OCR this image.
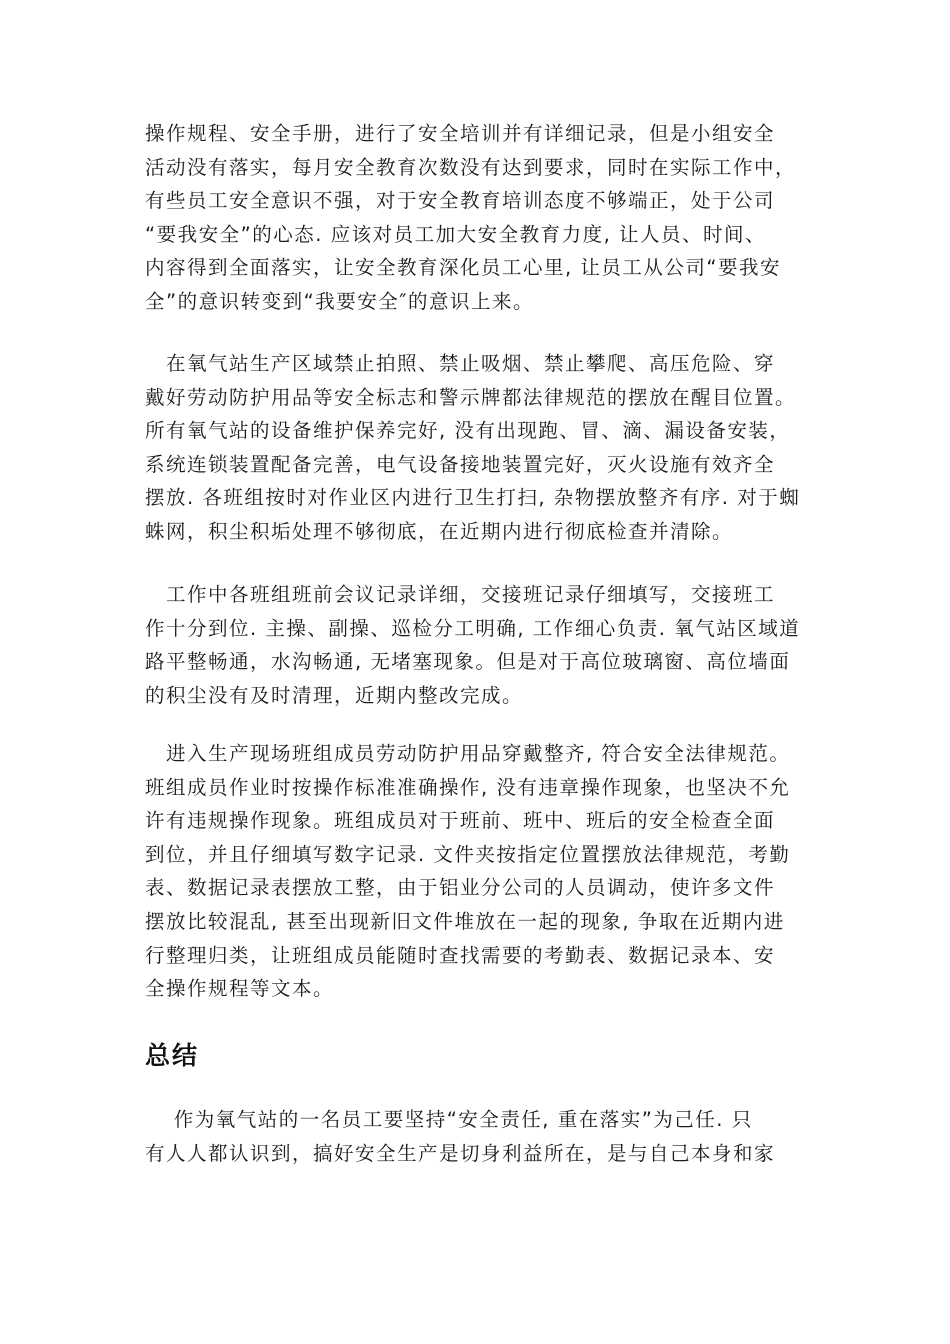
操作规程、安全手册，进行了安全培训并有详细记录，但是小组安全
活动没有落实，每月安全教育次数没有达到要求，同时在实际工作中，
有些员工安全意识不强，对于安全教育培训态度不够端正，处于公司
“要我安全”的心态. 应该对员工加大安全教育力度, 让人员、时间、
内容得到全面落实，让安全教育深化员工心里, 让员工从公司“要我安
全”的意识转变到“我要安全″的意识上来。
　在氧气站生产区域禁止拍照、禁止吸烟、禁止攀爬、高压危险、穿
戴好劳动防护用品等安全标志和警示牌都法律规范的摆放在醒目位置。
所有氧气站的设备维护保养完好, 没有出现跑、冒、滴、漏设备安装，
系统连锁装置配备完善，电气设备接地装置完好，灭火设施有效齐全
摆放. 各班组按时对作业区内进行卫生打扫, 杂物摆放整齐有序. 对于蜘
蛛网，积尘积垢处理不够彻底，在近期内进行彻底检查并清除。
　工作中各班组班前会议记录详细，交接班记录仔细填写，交接班工
作十分到位. 主操、副操、巡检分工明确, 工作细心负责. 氧气站区域道
路平整畅通，水沟畅通, 无堵塞现象。但是对于高位玻璃窗、高位墙面
的积尘没有及时清理，近期内整改完成。
　进入生产现场班组成员劳动防护用品穿戴整齐, 符合安全法律规范。
班组成员作业时按操作标准准确操作, 没有违章操作现象，也坚决不允
许有违规操作现象。班组成员对于班前、班中、班后的安全检查全面
到位，并且仔细填写数字记录. 文件夹按指定位置摆放法律规范，考勤
表、数据记录表摆放工整，由于铝业分公司的人员调动，使许多文件
摆放比较混乱, 甚至出现新旧文件堆放在一起的现象, 争取在近期内进
行整理归类，让班组成员能随时查找需要的考勤表、数据记录本、安
全操作规程等文本。
总结
　 作为氧气站的一名员工要坚持“安全责任, 重在落实”为己任. 只
有人人都认识到，搞好安全生产是切身利益所在，是与自己本身和家
